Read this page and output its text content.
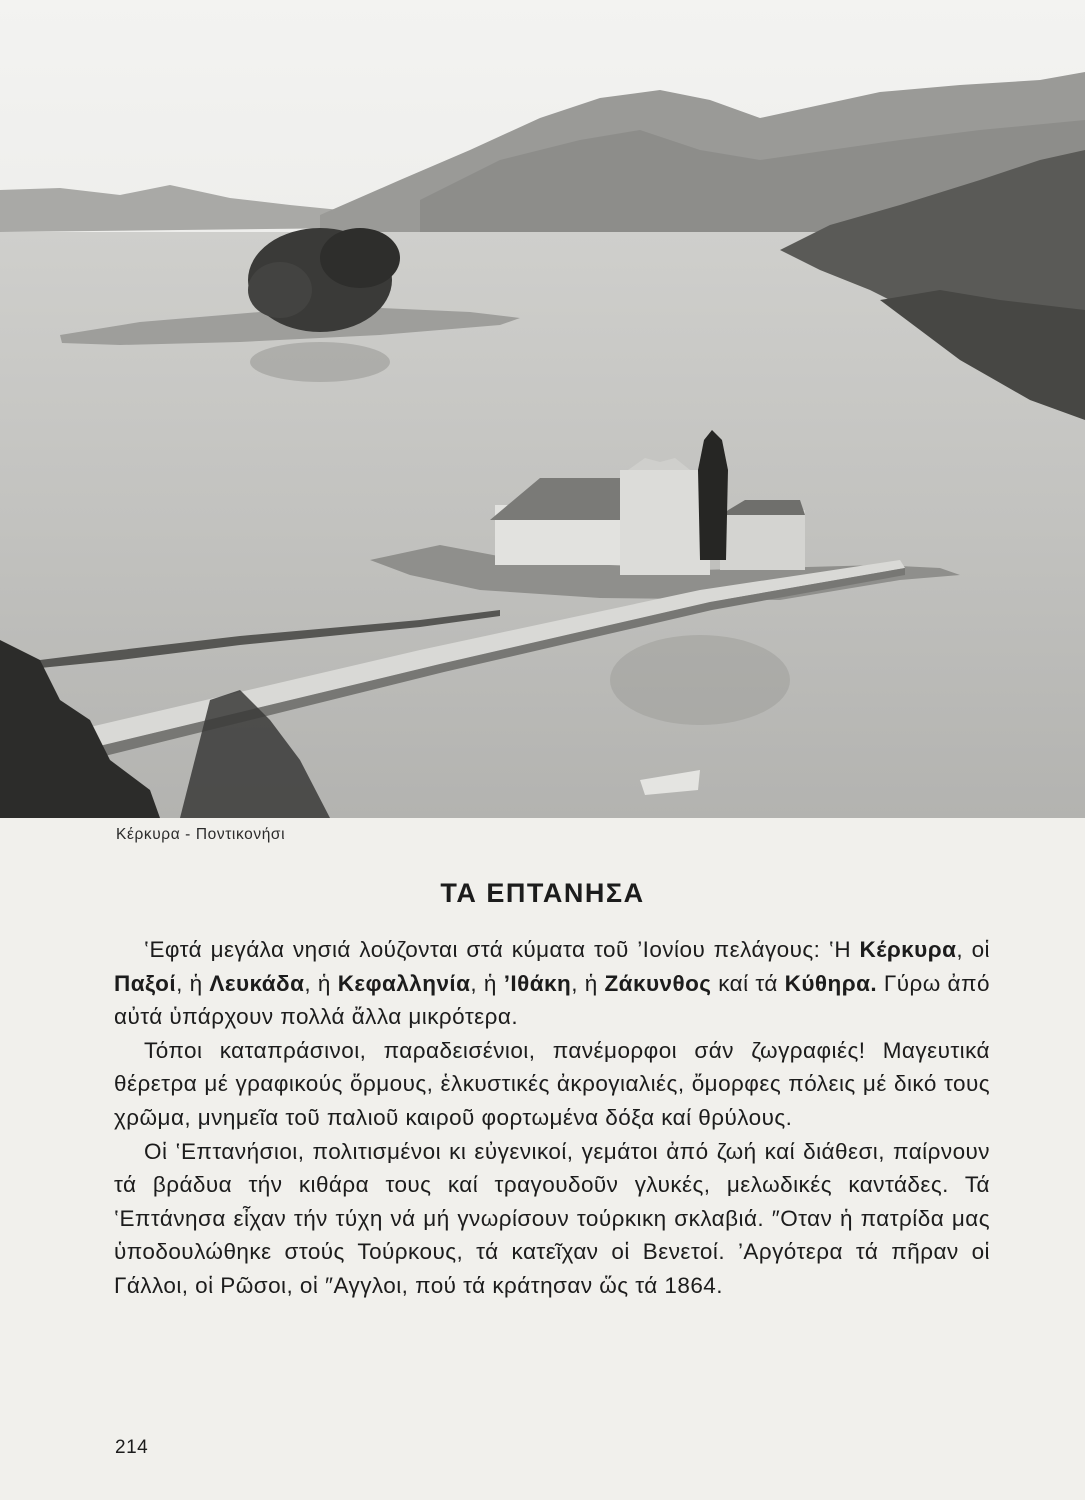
Κέρκυρα - Ποντικονήσι
ΤΑ ΕΠΤΑΝΗΣΑ

‛Εφτά μεγάλα νησιά λούζονται στά κύματα τοῦ ’Ιονίου πελάγους: ‛Η Κέρκυρα, οἱ Παξοί, ἡ Λευκάδα, ἡ Κεφαλληνία, ἡ ’Ιθάκη, ἡ Ζάκυνθος καί τά Κύθηρα. Γύρω ἀπό αὐτά ὑπάρχουν πολλά ἄλλα μικρότερα.

Τόποι καταπράσινοι, παραδεισένιοι, πανέμορφοι σάν ζωγραφιές! Μαγευτικά θέρετρα μέ γραφικούς ὅρμους, ἑλκυστικές ἀκρογιαλιές, ὄμορφες πόλεις μέ δικό τους χρῶμα, μνημεῖα τοῦ παλιοῦ καιροῦ φορτωμένα δόξα καί θρύλους.

Οἱ ‛Επτανήσιοι, πολιτισμένοι κι εὐγενικοί, γεμάτοι ἀπό ζωή καί διάθεσι, παίρνουν τά βράδυα τήν κιθάρα τους καί τραγουδοῦν γλυκές, μελωδικές καντάδες. Τά ‛Επτάνησα εἶχαν τήν τύχη νά μή γνωρίσουν τούρκικη σκλαβιά. ″Οταν ἡ πατρίδα μας ὑποδουλώθηκε στούς Τούρκους, τά κατεῖχαν οἱ Βενετοί. ’Αργότερα τά πῆραν οἱ Γάλλοι, οἱ Ρῶσοι, οἱ ″Αγγλοι, πού τά κράτησαν ὥς τά 1864.

214
